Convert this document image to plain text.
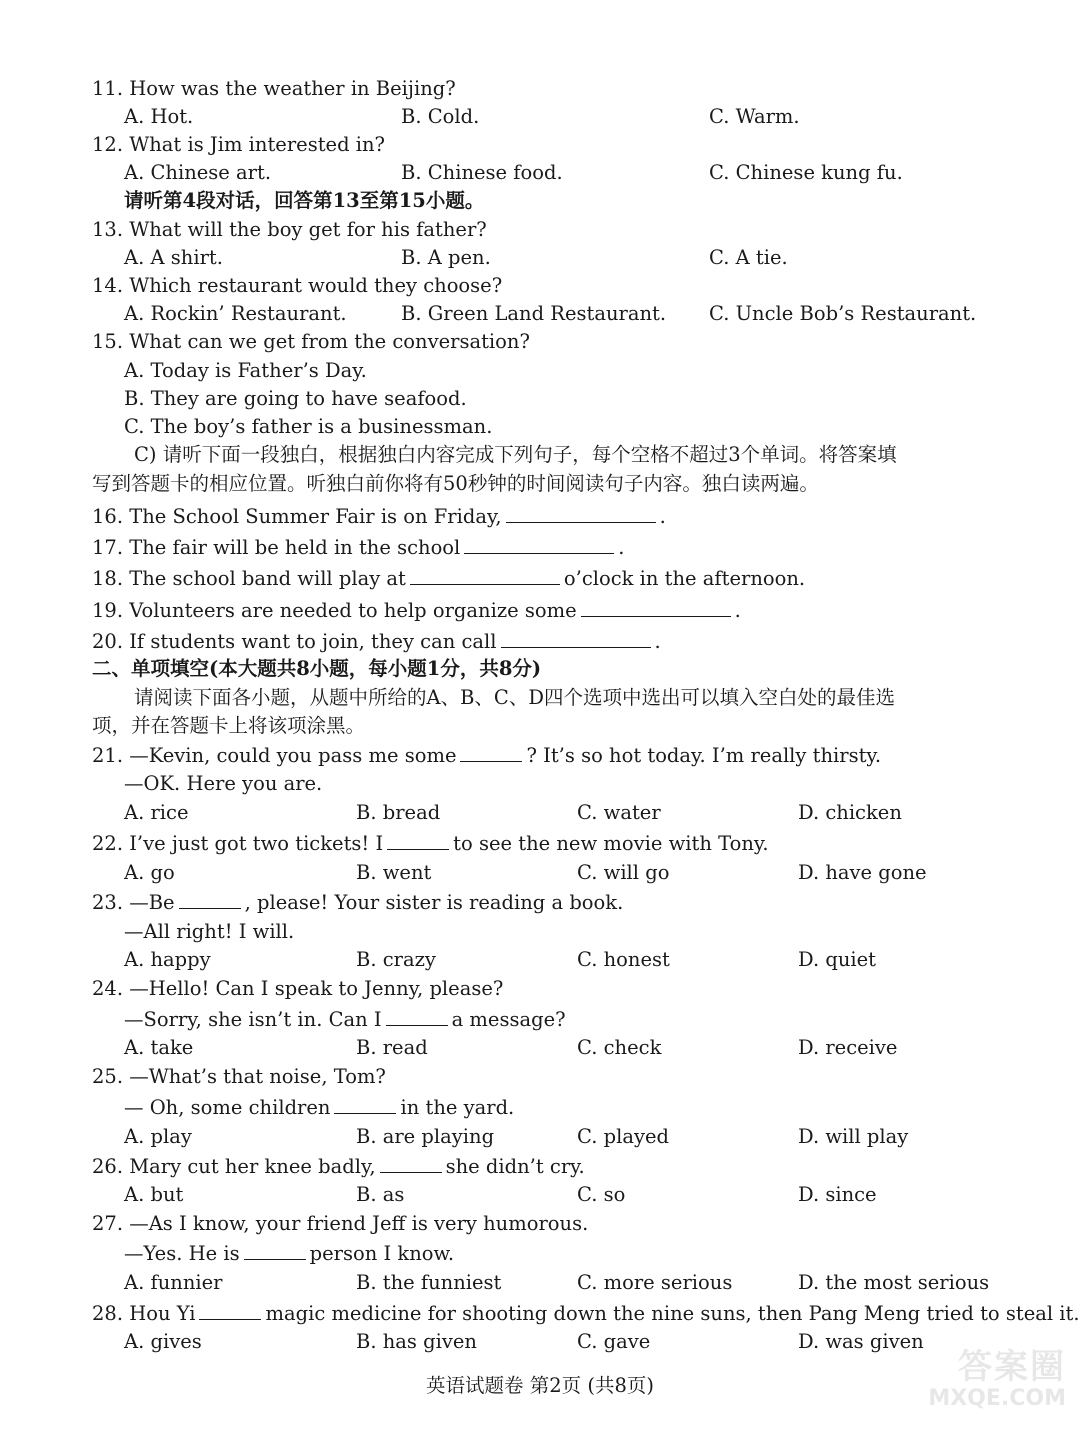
11. How was the weather in Beijing?
A. Hot.	B. Cold.	C. Warm.
12. What is Jim interested in?
A. Chinese art.	B. Chinese food.	C. Chinese kung fu.
请听第4段对话，回答第13至第15小题。
13. What will the boy get for his father?
A. A shirt.	B. A pen.	C. A tie.
14. Which restaurant would they choose?
A. Rockin’ Restaurant.	B. Green Land Restaurant. C. Uncle Bob’s Restaurant.
15. What can we get from the conversation?
A. Today is Father’s Day.
B. They are going to have seafood.
C. The boy’s father is a businessman.
C) 请听下面一段独白，根据独白内容完成下列句子，每个空格不超过3个单词。将答案填
写到答题卡的相应位置。听独白前你将有50秒钟的时间阅读句子内容。独白读两遍。
16. The School Summer Fair is on Friday,	.
17. The fair will be held in the school	.
18. The school band will play at	o’clock in the afternoon.
19. Volunteers are needed to help organize some	.
20. If students want to join, they can call	.
二、单项填空(本大题共8小题，每小题1分，共8分)
请阅读下面各小题，从题中所给的A、B、C、D四个选项中选出可以填入空白处的最佳选
项，并在答题卡上将该项涂黑。
21. —Kevin, could you pass me some	? It’s so hot today. I’m really thirsty.
—OK. Here you are.
A. rice	B. bread	C. water	D. chicken
22. I’ve just got two tickets! I	to see the new movie with Tony.
A. go	B. went	C. will go	D. have gone
23. —Be	, please! Your sister is reading a book.
—All right! I will.
A. happy	B. crazy	C. honest	D. quiet
24. —Hello! Can I speak to Jenny, please?
—Sorry, she isn’t in. Can I	a message?
A. take	B. read	C. check	D. receive
25. —What’s that noise, Tom?
— Oh, some children	in the yard.
A. play	B. are playing	C. played	D. will play
26. Mary cut her knee badly,	she didn’t cry.
A. but	B. as	C. so	D. since
27. —As I know, your friend Jeff is very humorous.
—Yes. He is	person I know.
A. funnier	B. the funniest	C. more serious	D. the most serious
28. Hou Yi	magic medicine for shooting down the nine suns, then Pang Meng tried to steal it.
A. gives	B. has given	C. gave	D. was given
英语试题卷 第2页 (共8页)	答案圈
MXQE.COM
